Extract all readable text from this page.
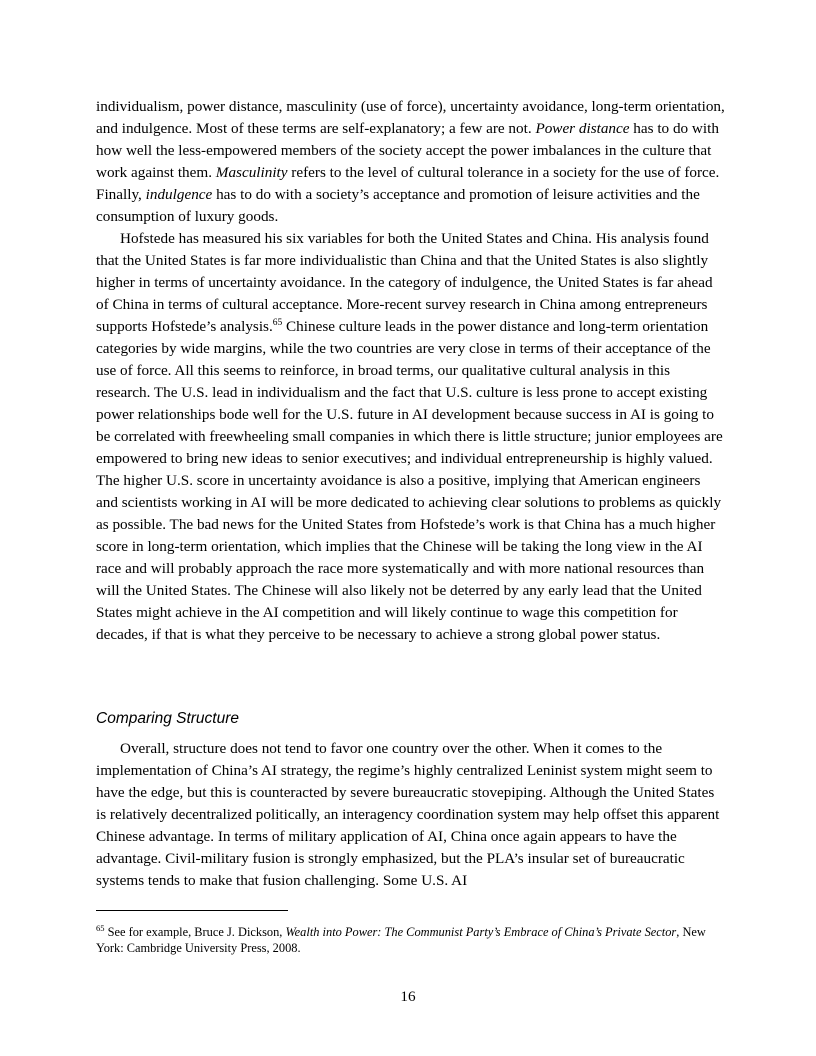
individualism, power distance, masculinity (use of force), uncertainty avoidance, long-term orientation, and indulgence. Most of these terms are self-explanatory; a few are not. Power distance has to do with how well the less-empowered members of the society accept the power imbalances in the culture that work against them. Masculinity refers to the level of cultural tolerance in a society for the use of force. Finally, indulgence has to do with a society’s acceptance and promotion of leisure activities and the consumption of luxury goods.

Hofstede has measured his six variables for both the United States and China. His analysis found that the United States is far more individualistic than China and that the United States is also slightly higher in terms of uncertainty avoidance. In the category of indulgence, the United States is far ahead of China in terms of cultural acceptance. More-recent survey research in China among entrepreneurs supports Hofstede’s analysis.$^{65}$ Chinese culture leads in the power distance and long-term orientation categories by wide margins, while the two countries are very close in terms of their acceptance of the use of force. All this seems to reinforce, in broad terms, our qualitative cultural analysis in this research. The U.S. lead in individualism and the fact that U.S. culture is less prone to accept existing power relationships bode well for the U.S. future in AI development because success in AI is going to be correlated with freewheeling small companies in which there is little structure; junior employees are empowered to bring new ideas to senior executives; and individual entrepreneurship is highly valued. The higher U.S. score in uncertainty avoidance is also a positive, implying that American engineers and scientists working in AI will be more dedicated to achieving clear solutions to problems as quickly as possible. The bad news for the United States from Hofstede’s work is that China has a much higher score in long-term orientation, which implies that the Chinese will be taking the long view in the AI race and will probably approach the race more systematically and with more national resources than will the United States. The Chinese will also likely not be deterred by any early lead that the United States might achieve in the AI competition and will likely continue to wage this competition for decades, if that is what they perceive to be necessary to achieve a strong global power status.

Comparing Structure

Overall, structure does not tend to favor one country over the other. When it comes to the implementation of China’s AI strategy, the regime’s highly centralized Leninist system might seem to have the edge, but this is counteracted by severe bureaucratic stovepiping. Although the United States is relatively decentralized politically, an interagency coordination system may help offset this apparent Chinese advantage. In terms of military application of AI, China once again appears to have the advantage. Civil-military fusion is strongly emphasized, but the PLA’s insular set of bureaucratic systems tends to make that fusion challenging. Some U.S. AI

$^{65}$ See for example, Bruce J. Dickson, Wealth into Power: The Communist Party’s Embrace of China’s Private Sector, New York: Cambridge University Press, 2008.

16
